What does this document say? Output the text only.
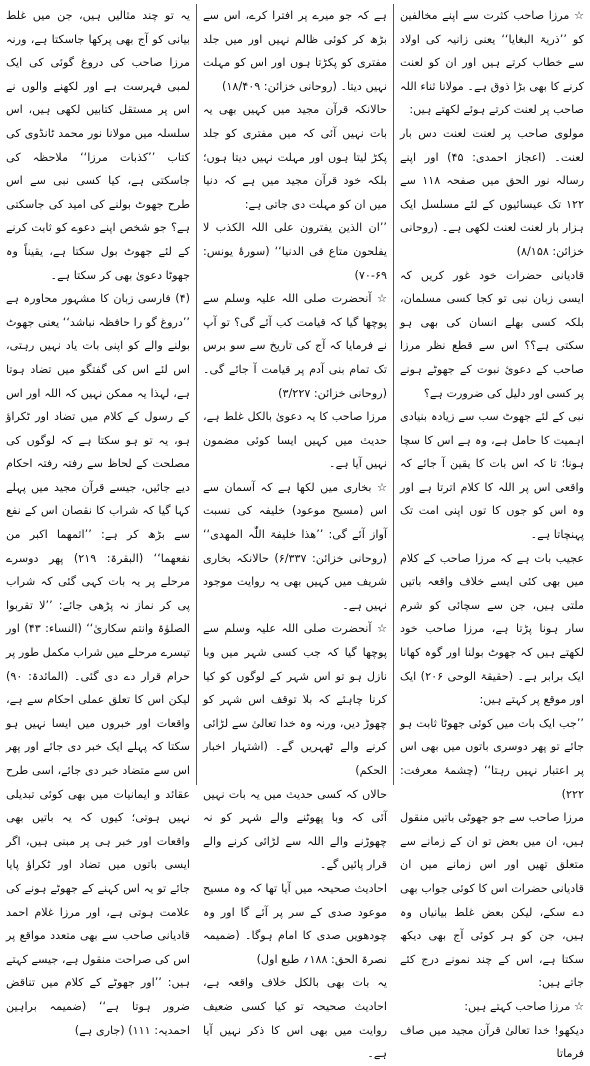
☆ مرزا صاحب کثرت سے اپنے مخالفین کو ’’ذریۃ البغایا‘‘ یعنی زانیہ کی اولاد سے خطاب کرتے ہیں اور ان کو لعنت کرنے کا بھی بڑا ذوق ہے۔ مولانا ثناء اللہ صاحب پر لعنت کرتے ہوئے لکھتے ہیں:

مولوی صاحب پر لعنت لعنت دس بار لعنت۔ (اعجاز احمدی: ۴۵) اور اپنے رسالہ نور الحق میں صفحہ ۱۱۸ سے ۱۲۲ تک عیسائیوں کے لئے مسلسل ایک ہزار بار لعنت لعنت لکھی ہے۔ (روحانی خزائن: ۸/۱۵۸)

قادیانی حضرات خود غور کریں کہ ایسی زبان نبی تو کجا کسی مسلمان، بلکہ کسی بھلے انسان کی بھی ہو سکتی ہے؟؟ اس سے قطع نظر مرزا صاحب کے دعوئ نبوت کے جھوٹے ہونے پر کسی اور دلیل کی ضرورت ہے؟

نبی کے لئے جھوٹ سب سے زیادہ بنیادی اہمیت کا حامل ہے، وہ ہے اس کا سچا ہونا؛ تا کہ اس بات کا یقین آ جائے کہ واقعی اس پر اللہ کا کلام اترتا ہے اور وہ اس کو جوں کا توں اپنی امت تک پہنچاتا ہے۔

عجیب بات ہے کہ مرزا صاحب کے کلام میں بھی کئی ایسے خلاف واقعہ باتیں ملتی ہیں، جن سے سچائی کو شرم سار ہونا پڑتا ہے، مرزا صاحب خود لکھتے ہیں کہ جھوٹ بولنا اور گوہ کھانا ایک برابر ہے۔ (حقیقۃ الوحی ۲۰۶) ایک اور موقع پر کہتے ہیں:

’’جب ایک بات میں کوئی جھوٹا ثابت ہو جائے تو پھر دوسری باتوں میں بھی اس پر اعتبار نہیں رہتا‘‘ (چشمۂ معرفت: ۲۲۲)

مرزا صاحب سے جو جھوٹی باتیں منقول ہیں، ان میں بعض تو ان کے زمانے سے متعلق تھیں اور اس زمانے میں ان قادیانی حضرات اس کا کوئی جواب بھی دے سکے، لیکن بعض غلط بیانیاں وہ ہیں، جن کو ہر کوئی آج بھی دیکھ سکتا ہے، اس کے چند نمونے درج کئے جاتے ہیں:

☆ مرزا صاحب کہتے ہیں:

دیکھو! خدا تعالیٰ قرآن مجید میں صاف فرماتا

ہے کہ جو میرے پر افترا کرے، اس سے بڑھ کر کوئی ظالم نہیں اور میں جلد مفتری کو پکڑتا ہوں اور اس کو مہلت نہیں دیتا۔ (روحانی خزائن: ۱۸/۴۰۹)

حالانکہ قرآن مجید میں کہیں بھی یہ بات نہیں آئی کہ میں مفتری کو جلد پکڑ لیتا ہوں اور مہلت نہیں دیتا ہوں؛ بلکہ خود قرآن مجید میں ہے کہ دنیا میں ان کو مہلت دی جاتی ہے:

’’ان الذین یفترون علی اللہ الکذب لا یفلحون متاع فی الدنیا‘‘ (سورۂ یونس: ۶۹-۷۰)

☆ آنحضرت صلی اللہ علیہ وسلم سے پوچھا گیا کہ قیامت کب آئے گی؟ تو آپ نے فرمایا کہ آج کی تاریخ سے سو برس تک تمام بنی آدم پر قیامت آ جائے گی۔ (روحانی خزائن: ۳/۲۲۷)

مرزا صاحب کا یہ دعویٰ بالکل غلط ہے، حدیث میں کہیں ایسا کوئی مضمون نہیں آیا ہے۔

☆ بخاری میں لکھا ہے کہ آسمان سے اس (مسیح موعود) خلیفہ کی نسبت آواز آئے گی: ’’ھذا خلیفۃ اللّٰہ المھدی‘‘ (روحانی خزائن: ۶/۳۳۷) حالانکہ بخاری شریف میں کہیں بھی یہ روایت موجود نہیں ہے۔

☆ آنحضرت صلی اللہ علیہ وسلم سے پوچھا گیا کہ جب کسی شہر میں وبا نازل ہو تو اس شہر کے لوگوں کو کیا کرنا چاہئے کہ بلا توقف اس شہر کو چھوڑ دیں، ورنہ وہ خدا تعالیٰ سے لڑائی کرنے والے ٹھہریں گے۔ (اشتہار اخبار الحکم)

حالاں کہ کسی حدیث میں یہ بات نہیں آئی کہ وبا پھوٹنے والے شہر کو نہ چھوڑنے والے اللہ سے لڑائی کرنے والے قرار پائیں گے۔

احادیث صحیحہ میں آیا تھا کہ وہ مسیح موعود صدی کے سر پر آئے گا اور وہ چودھویں صدی کا امام ہوگا۔ (ضمیمہ نصرۃ الحق: ۱۸۸؍ طبع اول)

یہ بات بھی بالکل خلاف واقعہ ہے، احادیث صحیحہ تو کیا کسی ضعیف روایت میں بھی اس کا ذکر نہیں آیا ہے۔

یہ تو چند مثالیں ہیں، جن میں غلط بیانی کو آج بھی پرکھا جاسکتا ہے، ورنہ مرزا صاحب کی دروغ گوئی کی ایک لمبی فہرست ہے اور لکھنے والوں نے اس پر مستقل کتابیں لکھی ہیں، اس سلسلہ میں مولانا نور محمد ٹانڈوی کی کتاب ’’کذبات مرزا‘‘ ملاحظہ کی جاسکتی ہے، کیا کسی نبی سے اس طرح جھوٹ بولنے کی امید کی جاسکتی ہے؟ جو شخص اپنے دعوے کو ثابت کرنے کے لئے جھوٹ بول سکتا ہے، یقیناً وہ جھوٹا دعویٰ بھی کر سکتا ہے۔

(۴) فارسی زبان کا مشہور محاورہ ہے ’’دروغ گو را حافظہ نباشد‘‘ یعنی جھوٹ بولنے والے کو اپنی بات یاد نہیں رہتی، اس لئے اس کی گفتگو میں تضاد ہوتا ہے، لہذا یہ ممکن نہیں کہ اللہ اور اس کے رسول کے کلام میں تضاد اور ٹکراؤ ہو، یہ تو ہو سکتا ہے کہ لوگوں کی مصلحت کے لحاظ سے رفتہ رفتہ احکام دیے جائیں، جیسے قرآن مجید میں پہلے کہا گیا کہ شراب کا نقصان اس کے نفع سے بڑھ کر ہے: ’’اثمھما اکبر من نفعھما‘‘ (البقرۃ: ۲۱۹) پھر دوسرے مرحلے پر یہ بات کہی گئی کہ شراب پی کر نماز نہ پڑھی جائے: ’’لا تقربوا الصلوٰۃ وانتم سکاریٰ‘‘ (النساء: ۴۳) اور تیسرے مرحلے میں شراب مکمل طور پر حرام قرار دے دی گئی۔ (المائدۃ: ۹۰) لیکن اس کا تعلق عملی احکام سے ہے، واقعات اور خبروں میں ایسا نہیں ہو سکتا کہ پہلے ایک خبر دی جائے اور پھر اس سے متضاد خبر دی جائے، اسی طرح عقائد و ایمانیات میں بھی کوئی تبدیلی نہیں ہوتی؛ کیوں کہ یہ باتیں بھی واقعات اور خبر ہی پر مبنی ہیں، اگر ایسی باتوں میں تضاد اور ٹکراؤ پایا جائے تو یہ اس کہنے کے جھوٹے ہونے کی علامت ہوتی ہے، اور مرزا غلام احمد قادیانی صاحب سے بھی متعدد مواقع پر اس کی صراحت منقول ہے، جیسے کہتے ہیں: ’’اور جھوٹے کے کلام میں تناقض ضرور ہوتا ہے‘‘ (ضمیمہ براہین احمدیہ: ۱۱۱) (جاری ہے)
